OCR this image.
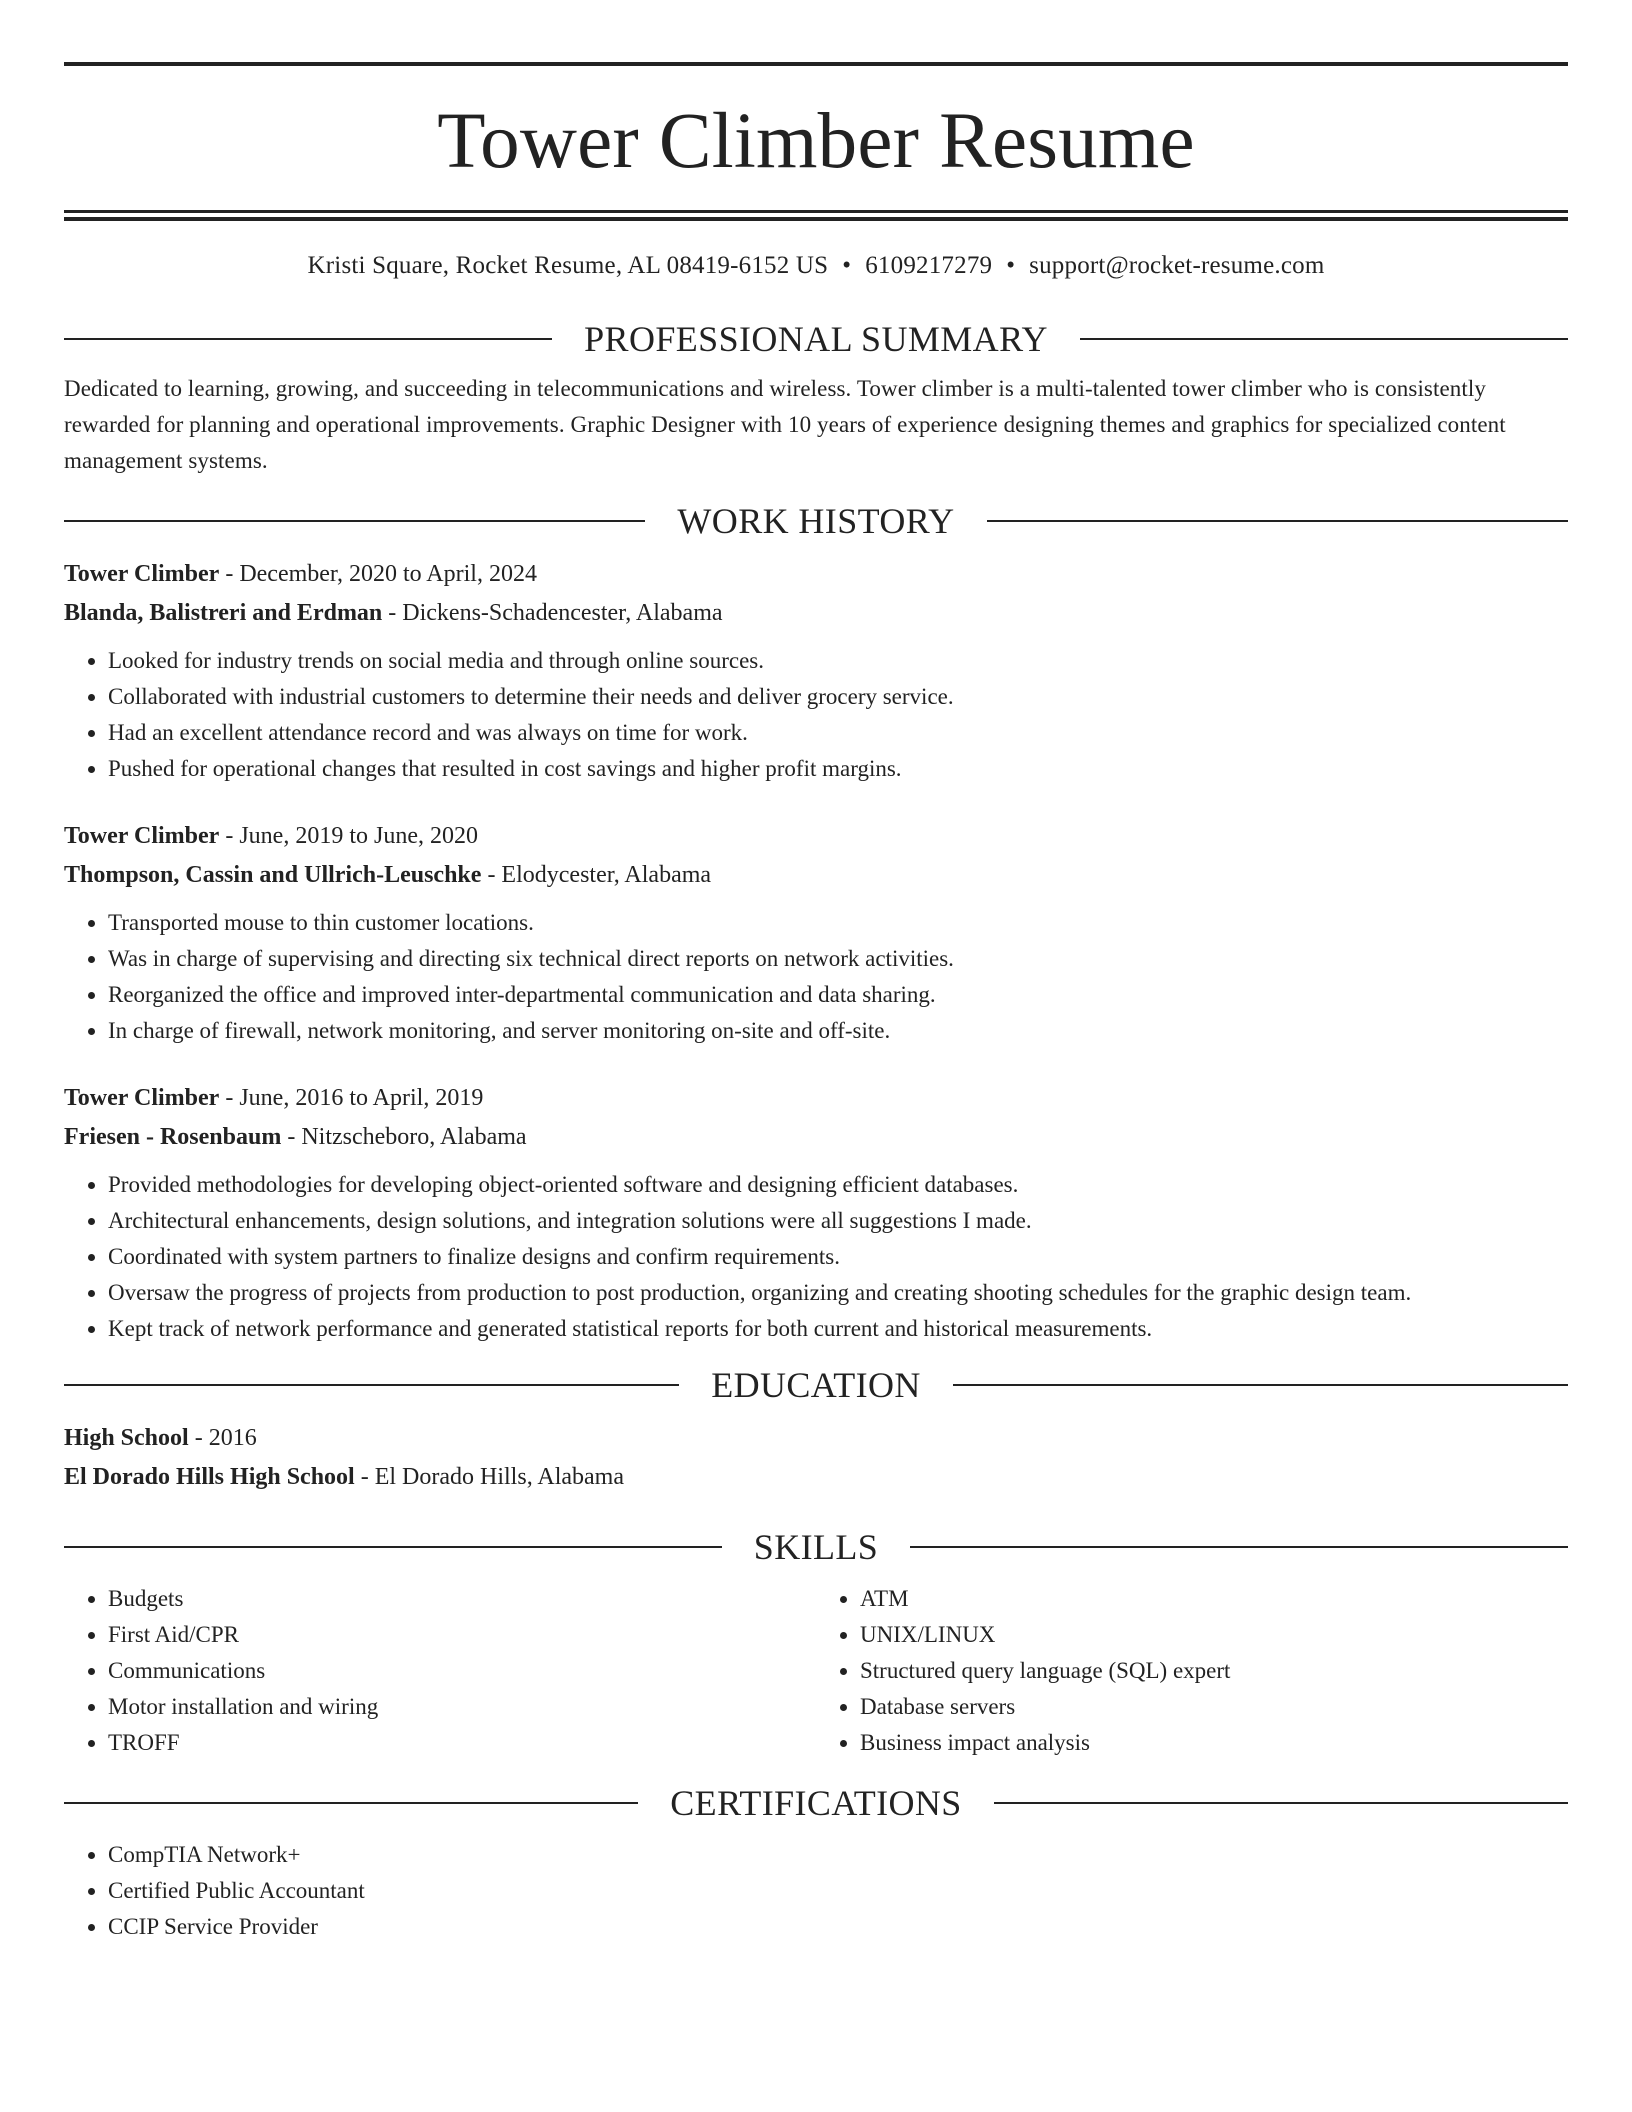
Tower Climber Resume
Kristi Square, Rocket Resume, AL 08419-6152 US • 6109217279 • support@rocket-resume.com
PROFESSIONAL SUMMARY
Dedicated to learning, growing, and succeeding in telecommunications and wireless. Tower climber is a multi-talented tower climber who is consistently rewarded for planning and operational improvements. Graphic Designer with 10 years of experience designing themes and graphics for specialized content management systems.
WORK HISTORY
Tower Climber - December, 2020 to April, 2024
Blanda, Balistreri and Erdman - Dickens-Schadencester, Alabama
• Looked for industry trends on social media and through online sources.
• Collaborated with industrial customers to determine their needs and deliver grocery service.
• Had an excellent attendance record and was always on time for work.
• Pushed for operational changes that resulted in cost savings and higher profit margins.
Tower Climber - June, 2019 to June, 2020
Thompson, Cassin and Ullrich-Leuschke - Elodycester, Alabama
• Transported mouse to thin customer locations.
• Was in charge of supervising and directing six technical direct reports on network activities.
• Reorganized the office and improved inter-departmental communication and data sharing.
• In charge of firewall, network monitoring, and server monitoring on-site and off-site.
Tower Climber - June, 2016 to April, 2019
Friesen - Rosenbaum - Nitzscheboro, Alabama
• Provided methodologies for developing object-oriented software and designing efficient databases.
• Architectural enhancements, design solutions, and integration solutions were all suggestions I made.
• Coordinated with system partners to finalize designs and confirm requirements.
• Oversaw the progress of projects from production to post production, organizing and creating shooting schedules for the graphic design team.
• Kept track of network performance and generated statistical reports for both current and historical measurements.
EDUCATION
High School - 2016
El Dorado Hills High School - El Dorado Hills, Alabama
SKILLS
• Budgets
• First Aid/CPR
• Communications
• Motor installation and wiring
• TROFF
• ATM
• UNIX/LINUX
• Structured query language (SQL) expert
• Database servers
• Business impact analysis
CERTIFICATIONS
• CompTIA Network+
• Certified Public Accountant
• CCIP Service Provider
